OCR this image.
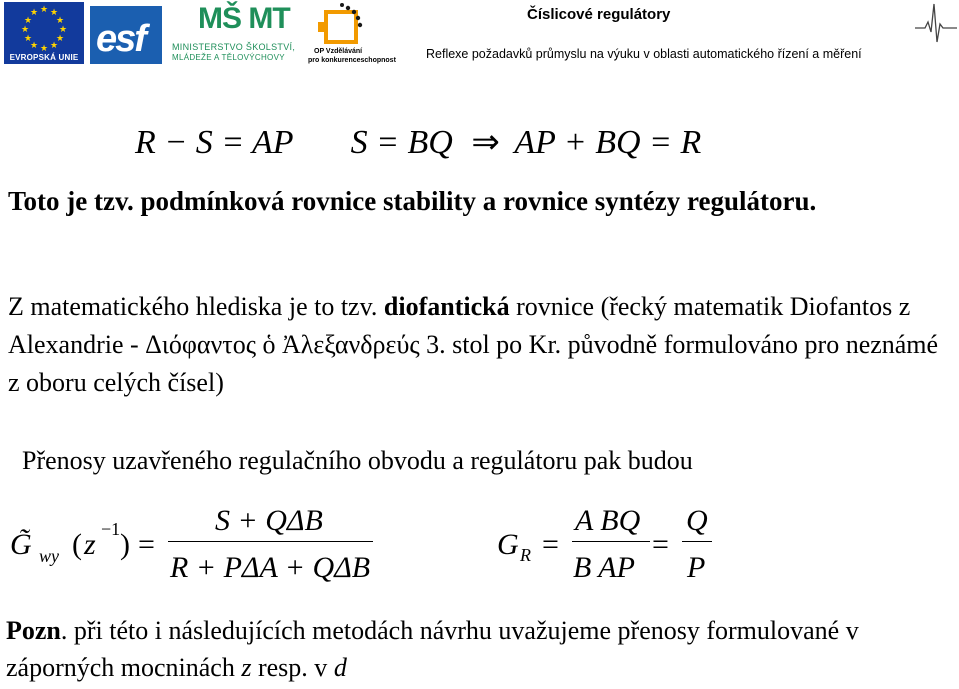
★ ★
★
★
★
★
★
★
★
★
★
★
EVROPSKÁ UNIE esf MŠ MT
MINISTERSTVO ŠKOLSTVÍ,
MLÁDEŽE A TĚLOVÝCHOVY
OP Vzdělávání
pro konkurenceschopnost
Číslicové regulátory
Reflexe požadavků průmyslu na výuku v oblasti automatického řízení a měření
R − S = AP S = BQ ⇒ AP + BQ = R
Toto je tzv. podmínková rovnice stability a rovnice syntézy regulátoru.
Z matematického hlediska je to tzv. diofantická rovnice (řecký matematik Diofantos z Alexandrie - Διόφαντος ὁ Ἀλεξανδρεύς 3. stol po Kr. původně formulováno pro neznámé z oboru celých čísel)
Přenosy uzavřeného regulačního obvodu a regulátoru pak budou
G̃ wy ( z −1 ) =
S + QΔB
R + PΔA + QΔB
G R =
A BQ
B AP
=
Q
P
Pozn. při této i následujících metodách návrhu uvažujeme přenosy formulované v záporných mocninách z resp. v d
